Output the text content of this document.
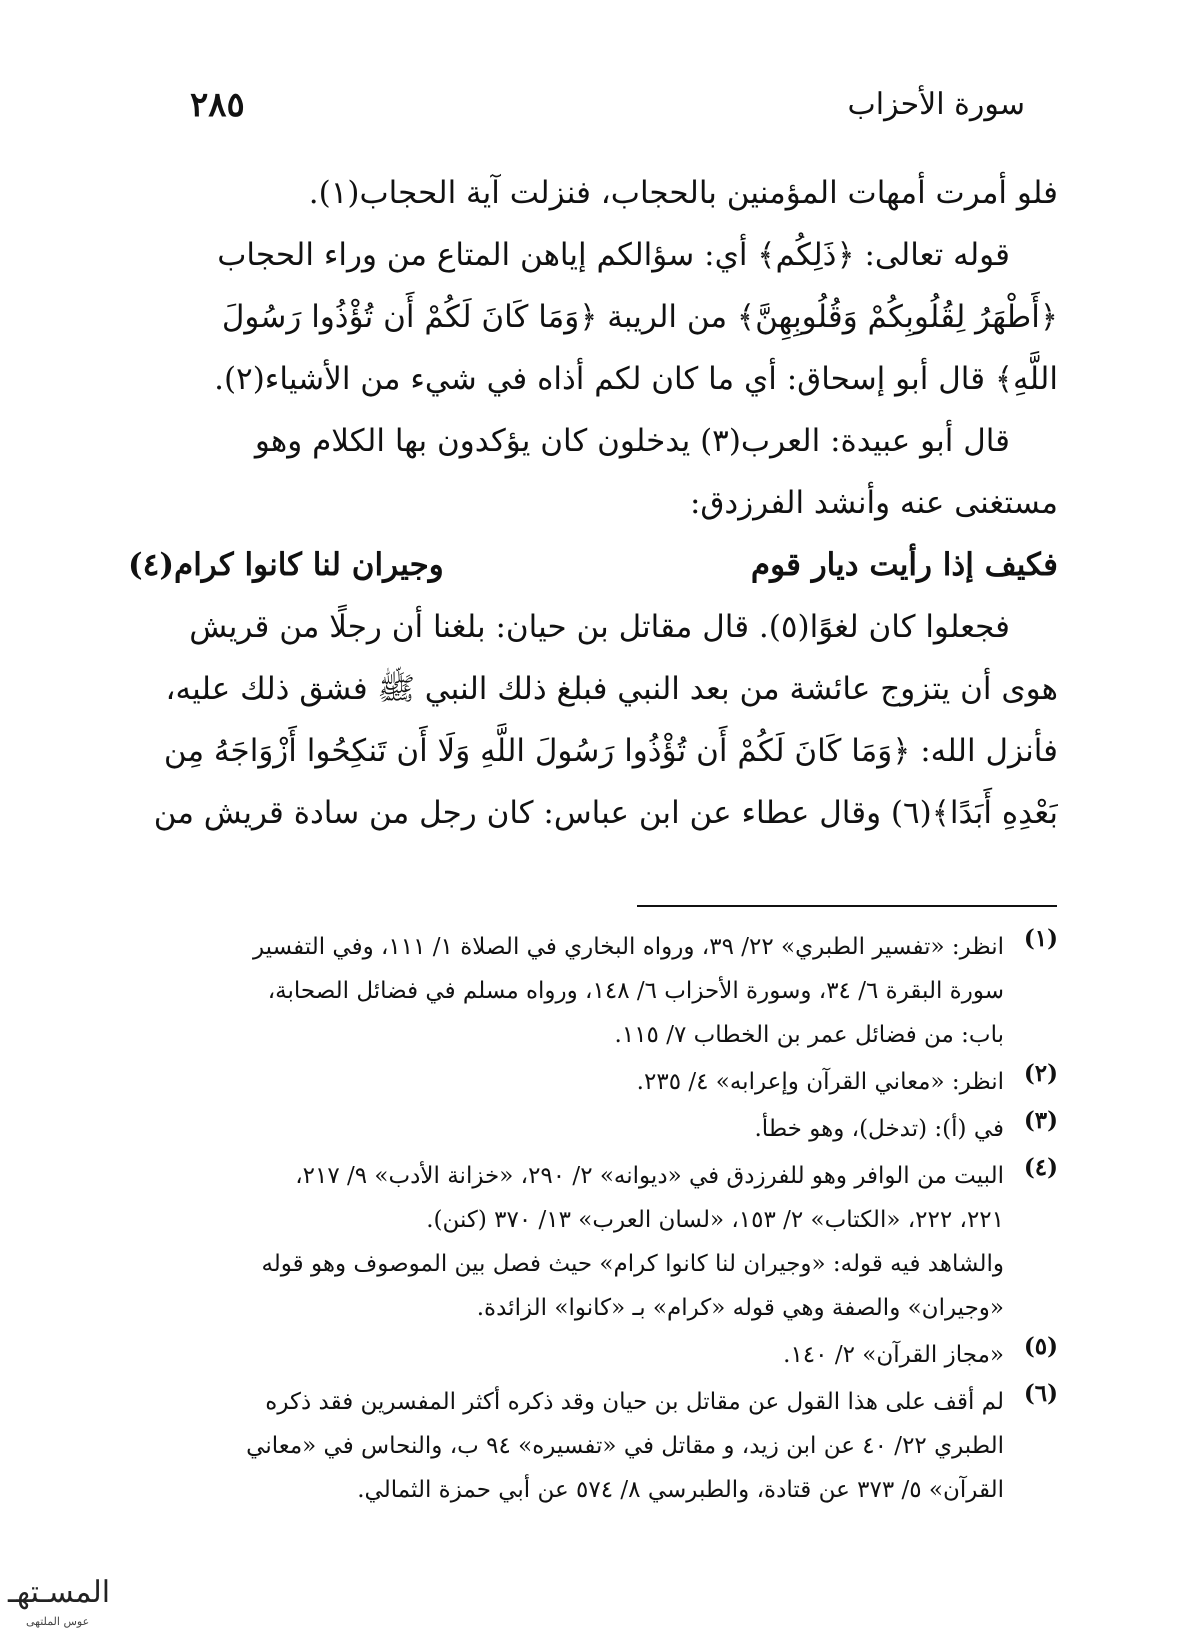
٢٨٥	سورة الأحزاب

فلو أمرت أمهات المؤمنين بالحجاب، فنزلت آية الحجاب(١).

قوله تعالى: ﴿ذَلِكُم﴾ أي: سؤالكم إياهن المتاع من وراء الحجاب

﴿أَطْهَرُ لِقُلُوبِكُمْ وَقُلُوبِهِنَّ﴾ من الريبة ﴿وَمَا كَانَ لَكُمْ أَن تُؤْذُوا رَسُولَ

اللَّهِ﴾ قال أبو إسحاق: أي ما كان لكم أذاه في شيء من الأشياء(٢).

قال أبو عبيدة: العرب(٣) يدخلون كان يؤكدون بها الكلام وهو

مستغنى عنه وأنشد الفرزدق:

فكيف إذا رأيت ديار قوم
وجيران لنا كانوا كرام(٤)

فجعلوا كان لغوًا(٥). قال مقاتل بن حيان: بلغنا أن رجلًا من قريش

هوى أن يتزوج عائشة من بعد النبي فبلغ ذلك النبي ﷺ فشق ذلك عليه،

فأنزل الله: ﴿وَمَا كَانَ لَكُمْ أَن تُؤْذُوا رَسُولَ اللَّهِ وَلَا أَن تَنكِحُوا أَزْوَاجَهُ مِن

بَعْدِهِ أَبَدًا﴾(٦) وقال عطاء عن ابن عباس: كان رجل من سادة قريش من

(١)
انظر: «تفسير الطبري» ٢٢/ ٣٩، ورواه البخاري في الصلاة ١/ ١١١، وفي التفسير
سورة البقرة ٦/ ٣٤، وسورة الأحزاب ٦/ ١٤٨، ورواه مسلم في فضائل الصحابة،
باب: من فضائل عمر بن الخطاب ٧/ ١١٥.
(٢)
انظر: «معاني القرآن وإعرابه» ٤/ ٢٣٥.
(٣)
في (أ): (تدخل)، وهو خطأ.
(٤)
البيت من الوافر وهو للفرزدق في «ديوانه» ٢/ ٢٩٠، «خزانة الأدب» ٩/ ٢١٧،
٢٢١، ٢٢٢، «الكتاب» ٢/ ١٥٣، «لسان العرب» ١٣/ ٣٧٠ (كنن).
والشاهد فيه قوله: «وجيران لنا كانوا كرام» حيث فصل بين الموصوف وهو قوله
«وجيران» والصفة وهي قوله «كرام» بـ «كانوا» الزائدة.
(٥)
«مجاز القرآن» ٢/ ١٤٠.
(٦)
لم أقف على هذا القول عن مقاتل بن حيان وقد ذكره أكثر المفسرين فقد ذكره
الطبري ٢٢/ ٤٠ عن ابن زيد، و مقاتل في «تفسيره» ٩٤ ب، والنحاس في «معاني
القرآن» ٥/ ٣٧٣ عن قتادة، والطبرسي ٨/ ٥٧٤ عن أبي حمزة الثمالي.
المسـتهـ
عوس الملتهى
